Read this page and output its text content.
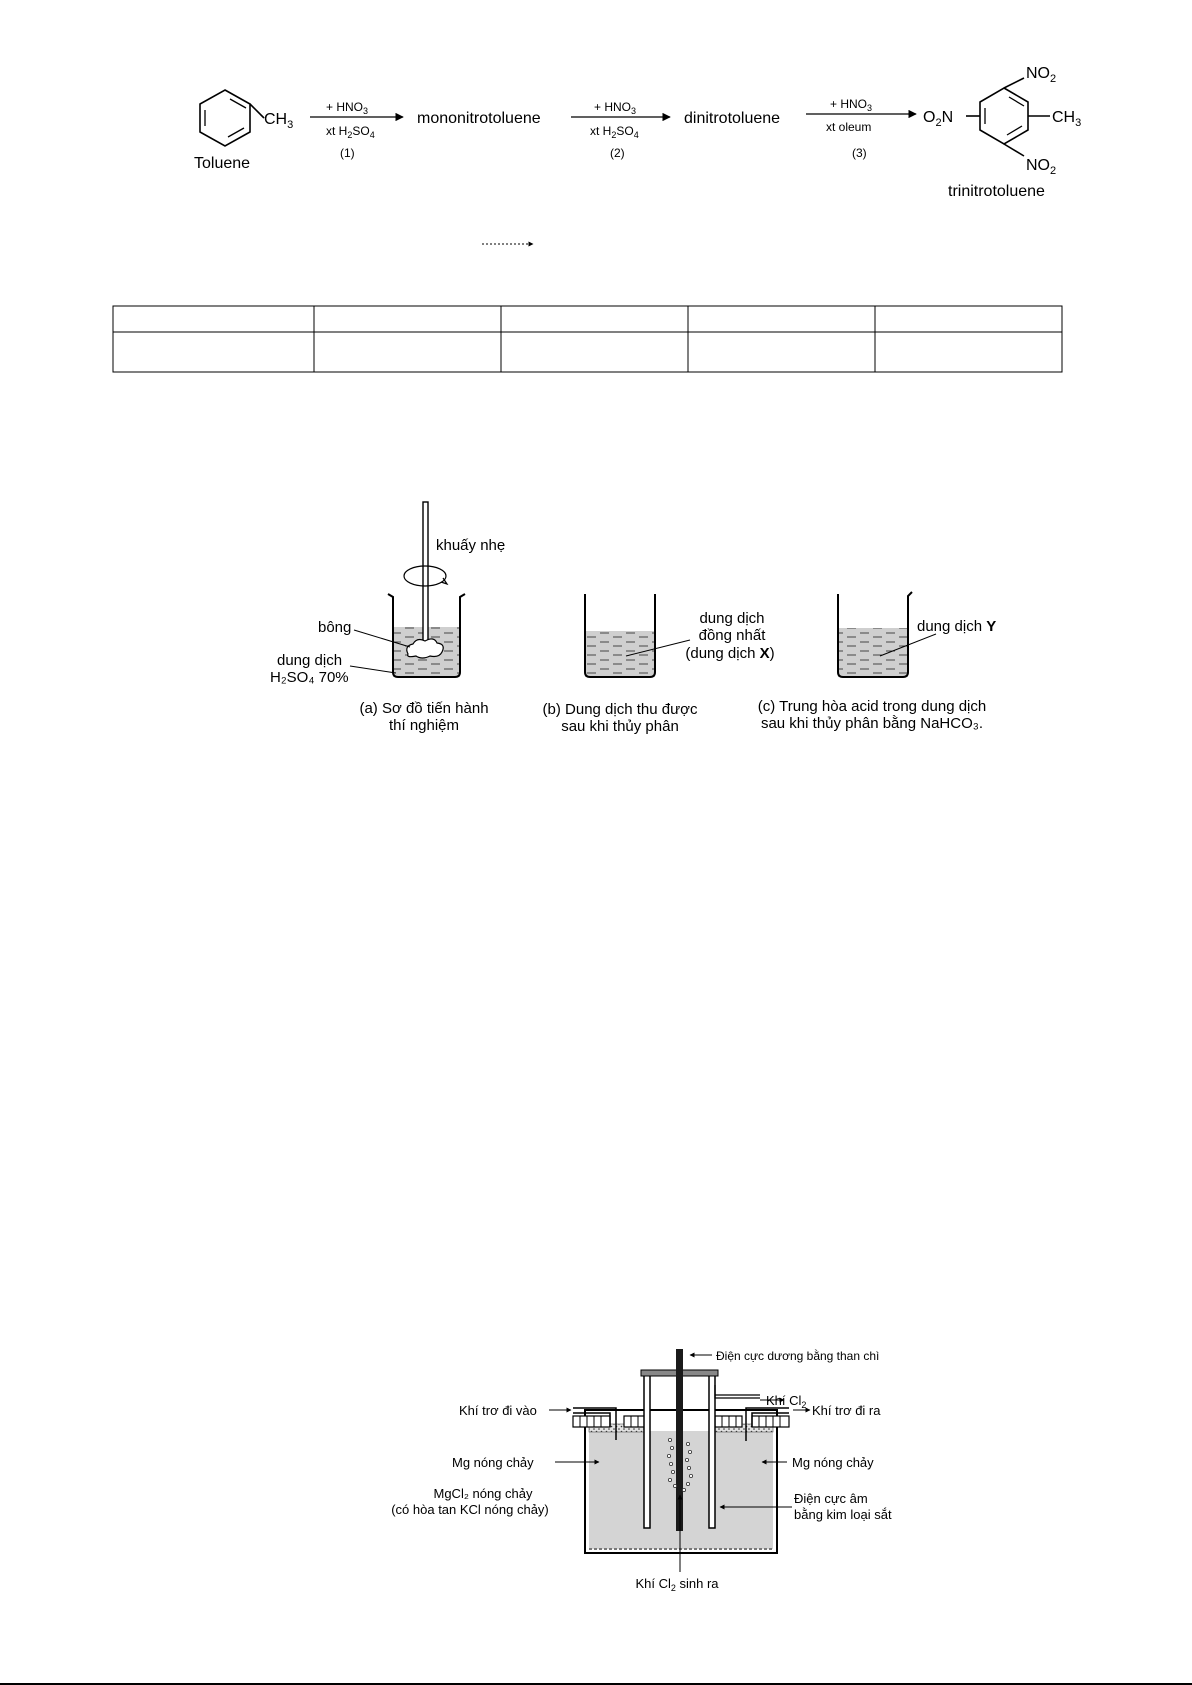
$CH_3$
Toluene
+ $HNO_3$
xt $H_2SO_4$
(1)
mononitrotoluene
+ $HNO_3$
xt $H_2SO_4$
(2)
dinitrotoluene
+ $HNO_3$
xt oleum
(3)
$NO_2$
$CH_3$
$O_2N$
$NO_2$
trinitrotoluene
khuấy nhẹ
bông
dung dịch
H₂SO₄ 70%
(a) Sơ đồ tiến hành
thí nghiệm
dung dịch
đồng nhất
(dung dịch X)
(b) Dung dịch thu được
sau khi thủy phân
dung dịch Y
(c) Trung hòa acid trong dung dịch
sau khi thủy phân bằng NaHCO₃.
Điện cực dương bằng than chì
Khí $Cl_2$ Khí trơ đi ra
Khí trơ đi vào
Mg nóng chảy	Mg nóng chảy
MgCl₂ nóng chảy
(có hòa tan KCl nóng chảy)
Điện cực âm
bằng kim loại sắt
Khí $Cl_2$ sinh ra
